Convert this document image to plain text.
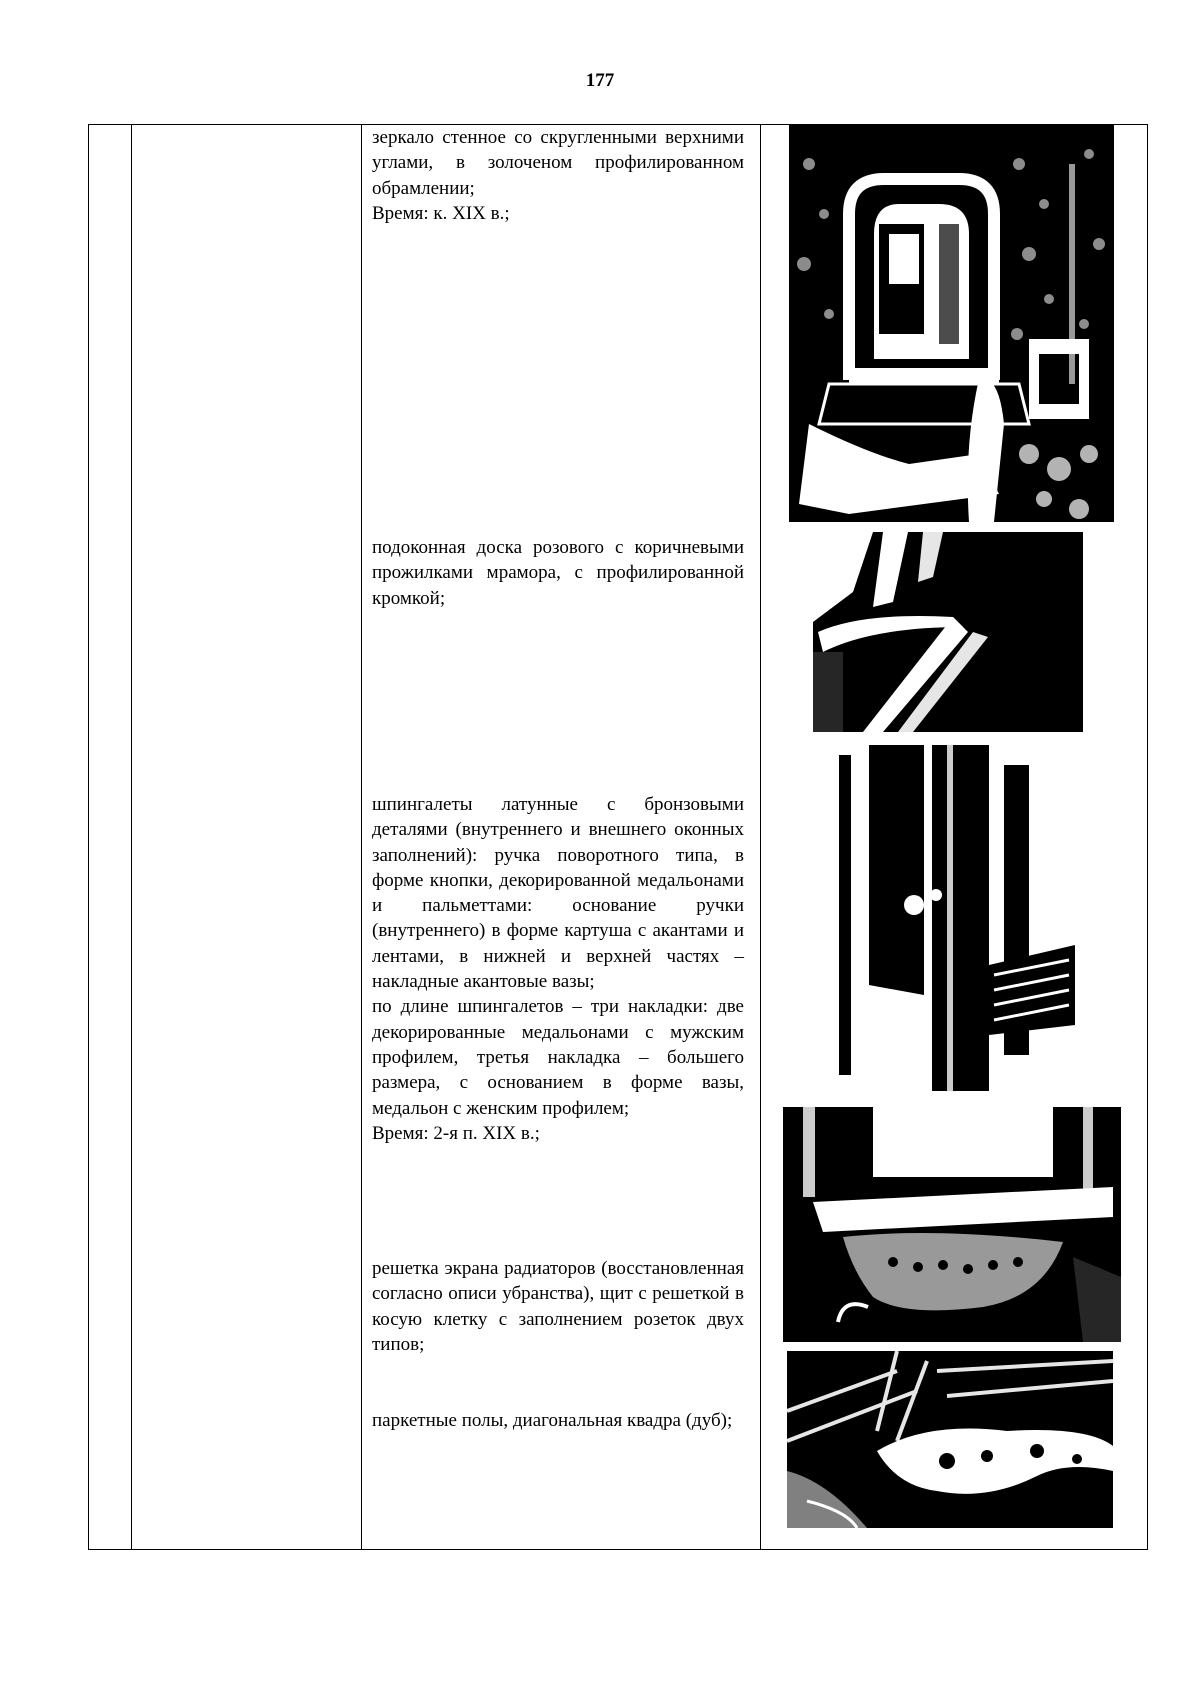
177

зеркало стенное со скругленными верхними углами, в золоченом профилированном обрамлении;

Время: к. XIX в.;

подоконная доска розового с коричневыми прожилками мрамора, с профилированной кромкой;

шпингалеты латунные с бронзовыми деталями (внутреннего и внешнего оконных заполнений): ручка поворотного типа, в форме кнопки, декорированной медальонами и пальметтами: основание ручки (внутреннего) в форме картуша с акантами и лентами, в нижней и верхней частях – накладные акантовые вазы;

по длине шпингалетов – три накладки: две декорированные медальонами с мужским профилем, третья накладка – большего размера, с основанием в форме вазы, медальон с женским профилем;

Время: 2-я п. XIX в.;

решетка экрана радиаторов (восстановленная согласно описи убранства), щит с решеткой в косую клетку с заполнением розеток двух типов;

паркетные полы, диагональная квадра (дуб);
